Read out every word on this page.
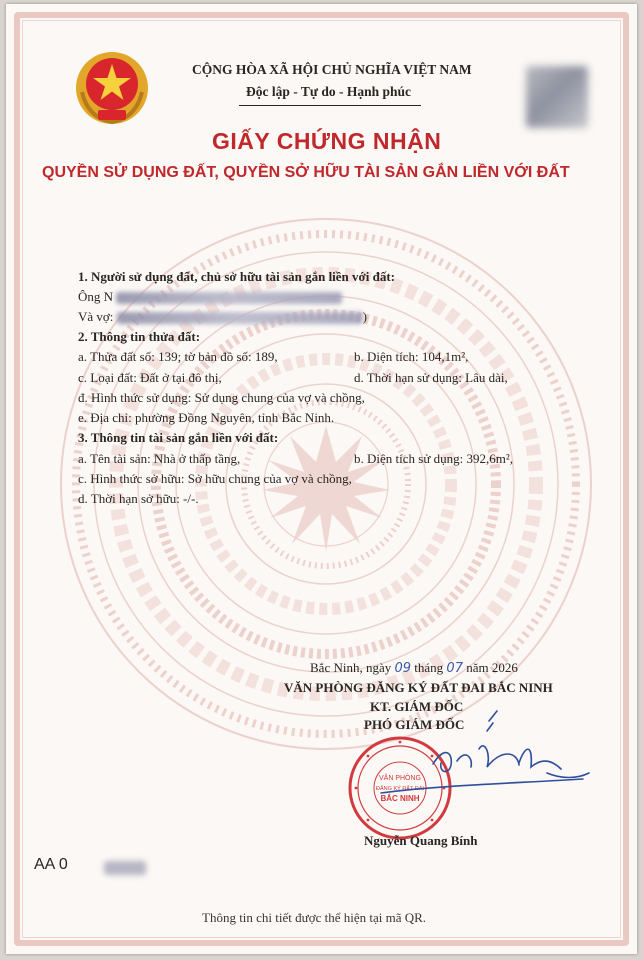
CỘNG HÒA XÃ HỘI CHỦ NGHĨA VIỆT NAM
Độc lập - Tự do - Hạnh phúc
GIẤY CHỨNG NHẬN
QUYỀN SỬ DỤNG ĐẤT, QUYỀN SỞ HỮU TÀI SẢN GẮN LIỀN VỚI ĐẤT
1. Người sử dụng đất, chủ sở hữu tài sản gắn liền với đất:
Ông N
Và vợ:	)
2. Thông tin thửa đất:
a. Thửa đất số: 139; tờ bản đồ số: 189,	b. Diện tích: 104,1m²,
c. Loại đất: Đất ở tại đô thị,	d. Thời hạn sử dụng: Lâu dài,
đ. Hình thức sử dụng: Sử dụng chung của vợ và chồng,
e. Địa chỉ: phường Đồng Nguyên, tỉnh Bắc Ninh.
3. Thông tin tài sản gắn liền với đất:
a. Tên tài sản: Nhà ở thấp tầng,	b. Diện tích sử dụng: 392,6m²,
c. Hình thức sở hữu: Sở hữu chung của vợ và chồng,
d. Thời hạn sở hữu: -/-.
Bắc Ninh, ngày 09 tháng 07 năm 2026
VĂN PHÒNG ĐĂNG KÝ ĐẤT ĐAI BẮC NINH
KT. GIÁM ĐỐC
PHÓ GIÁM ĐỐC
VĂN PHÒNG
ĐĂNG KÝ ĐẤT ĐAI
BẮC NINH
Nguyễn Quang Bính
AA 0
Thông tin chi tiết được thể hiện tại mã QR.
